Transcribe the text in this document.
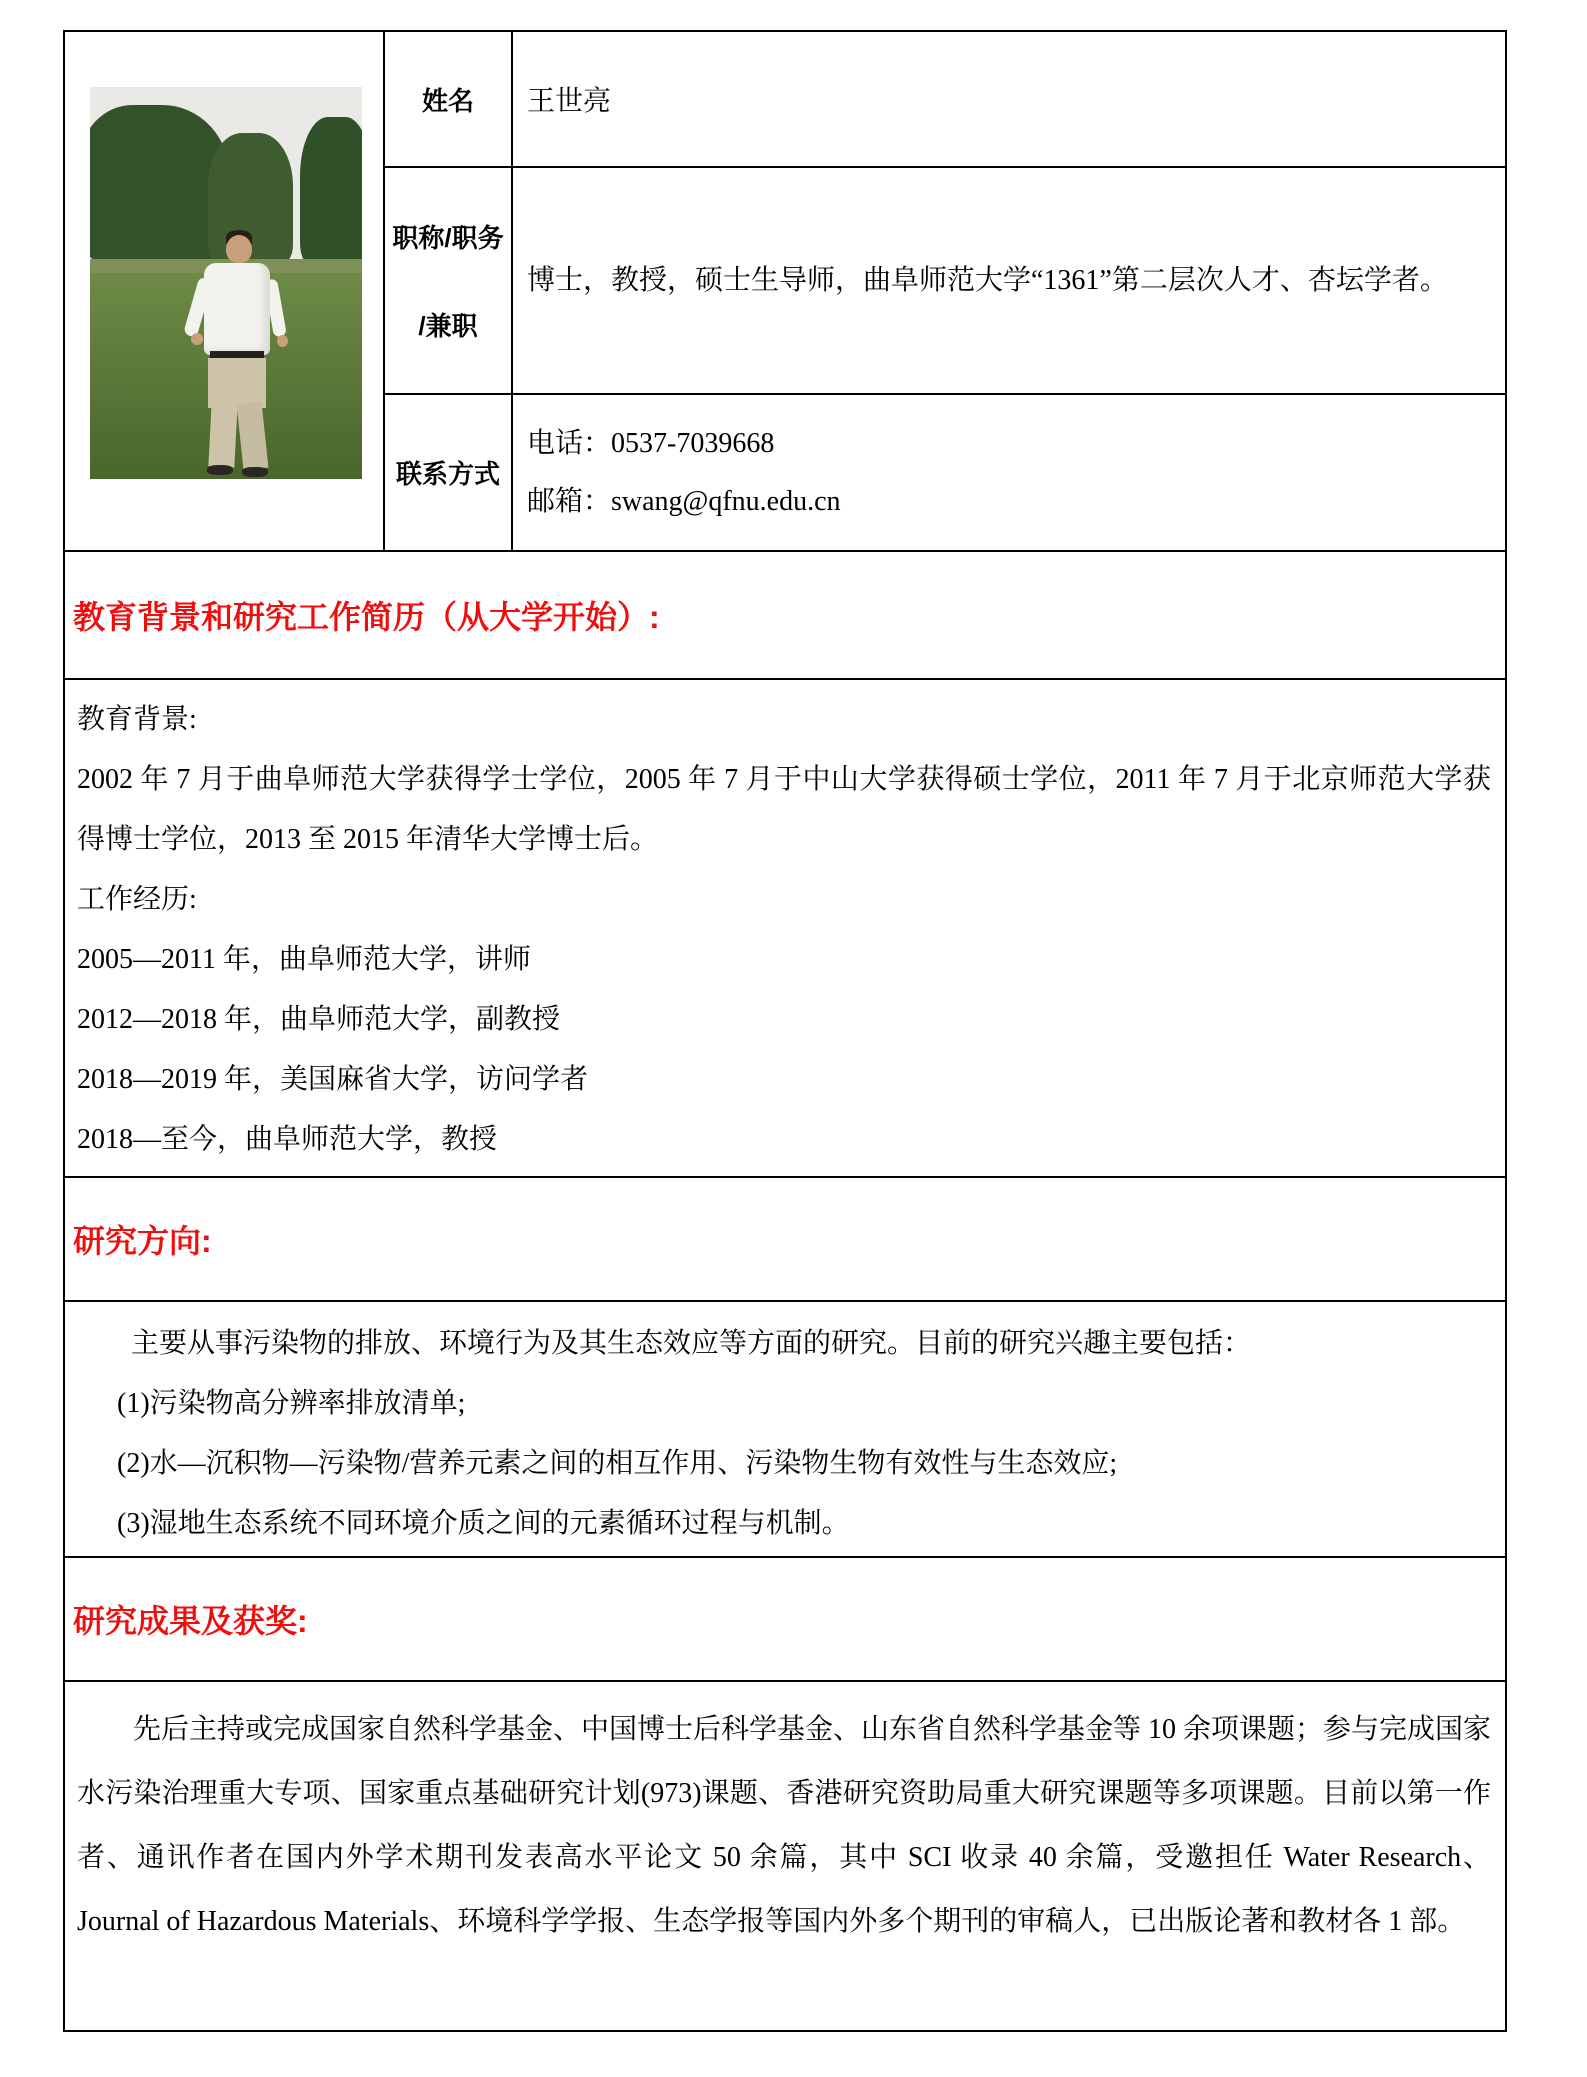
姓名 王世亮

职称/职务
/兼职

博士，教授，硕士生导师，曲阜师范大学“1361”第二层次人才、杏坛学者。

联系方式

电话：0537-7039668

邮箱：swang@qfnu.edu.cn

教育背景和研究工作简历（从大学开始）:

教育背景:

2002 年 7 月于曲阜师范大学获得学士学位，2005 年 7 月于中山大学获得硕士学位，2011 年 7 月于北京师范大学获得博士学位，2013 至 2015 年清华大学博士后。

工作经历:

2005—2011 年，曲阜师范大学，讲师

2012—2018 年，曲阜师范大学，副教授

2018—2019 年，美国麻省大学，访问学者

2018—至今，曲阜师范大学，教授

研究方向:

主要从事污染物的排放、环境行为及其生态效应等方面的研究。目前的研究兴趣主要包括：

(1)污染物高分辨率排放清单;

(2)水—沉积物—污染物/营养元素之间的相互作用、污染物生物有效性与生态效应;

(3)湿地生态系统不同环境介质之间的元素循环过程与机制。

研究成果及获奖:

先后主持或完成国家自然科学基金、中国博士后科学基金、山东省自然科学基金等 10 余项课题；参与完成国家水污染治理重大专项、国家重点基础研究计划(973)课题、香港研究资助局重大研究课题等多项课题。目前以第一作者、通讯作者在国内外学术期刊发表高水平论文 50 余篇，其中 SCI 收录 40 余篇，受邀担任 Water Research、Journal of Hazardous Materials、环境科学学报、生态学报等国内外多个期刊的审稿人，已出版论著和教材各 1 部。
